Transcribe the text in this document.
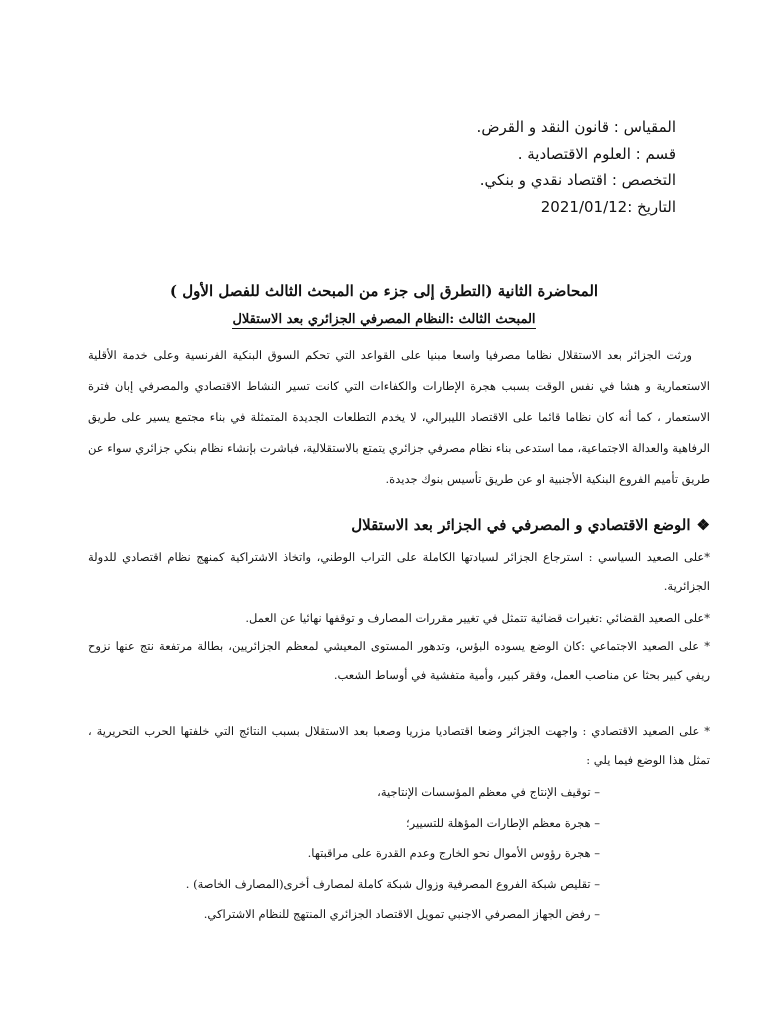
المقياس : قانون النقد و القرض.
قسم : العلوم الاقتصادية .
التخصص : اقتصاد نقدي و بنكي.
التاريخ :2021/01/12
المحاضرة الثانية (التطرق إلى جزء من المبحث الثالث للفصل الأول )
المبحث الثالث :النظام المصرفي الجزائري بعد الاستقلال
ورثت الجزائر بعد الاستقلال نظاما مصرفيا واسعا مبنيا على القواعد التي تحكم السوق البنكية الفرنسية وعلى خدمة الأقلية الاستعمارية و هشا في نفس الوقت بسبب هجرة الإطارات والكفاءات التي كانت تسير النشاط الاقتصادي والمصرفي إبان فترة الاستعمار ، كما أنه كان نظاما قائما على الاقتصاد الليبرالي، لا يخدم التطلعات الجديدة المتمثلة في بناء مجتمع يسير على طريق الرفاهية والعدالة الاجتماعية، مما استدعى بناء نظام مصرفي جزائري يتمتع بالاستقلالية، فباشرت بإنشاء نظام بنكي جزائري سواء عن طريق تأميم الفروع البنكية الأجنبية او عن طريق تأسيس بنوك جديدة.
❖الوضع الاقتصادي و المصرفي في الجزائر بعد الاستقلال
*على الصعيد السياسي : استرجاع الجزائر لسيادتها الكاملة على التراب الوطني، واتخاذ الاشتراكية كمنهج نظام اقتصادي للدولة الجزائرية.
*على الصعيد القضائي :تغيرات قضائية تتمثل في تغيير مقررات المصارف و توقفها نهائيا عن العمل.
* على الصعيد الاجتماعي :كان الوضع يسوده البؤس، وتدهور المستوى المعيشي لمعظم الجزائريين، بطالة مرتفعة نتج عنها نزوح ريفي كبير بحثا عن مناصب العمل، وفقر كبير، وأمية متفشية في أوساط الشعب.
* على الصعيد الاقتصادي : واجهت الجزائر وضعا اقتصاديا مزريا وصعبا بعد الاستقلال بسبب النتائج التي خلفتها الحرب التحريرية ، تمثل هذا الوضع فيما يلي :
– توقيف الإنتاج في معظم المؤسسات الإنتاجية،
– هجرة معظم الإطارات المؤهلة للتسيير؛
– هجرة رؤوس الأموال نحو الخارج وعدم القدرة على مراقبتها.
– تقليص شبكة الفروع المصرفية وزوال شبكة كاملة لمصارف أخرى(المصارف الخاصة) .
– رفض الجهاز المصرفي الاجنبي تمويل الاقتصاد الجزائري المنتهج للنظام الاشتراكي.
